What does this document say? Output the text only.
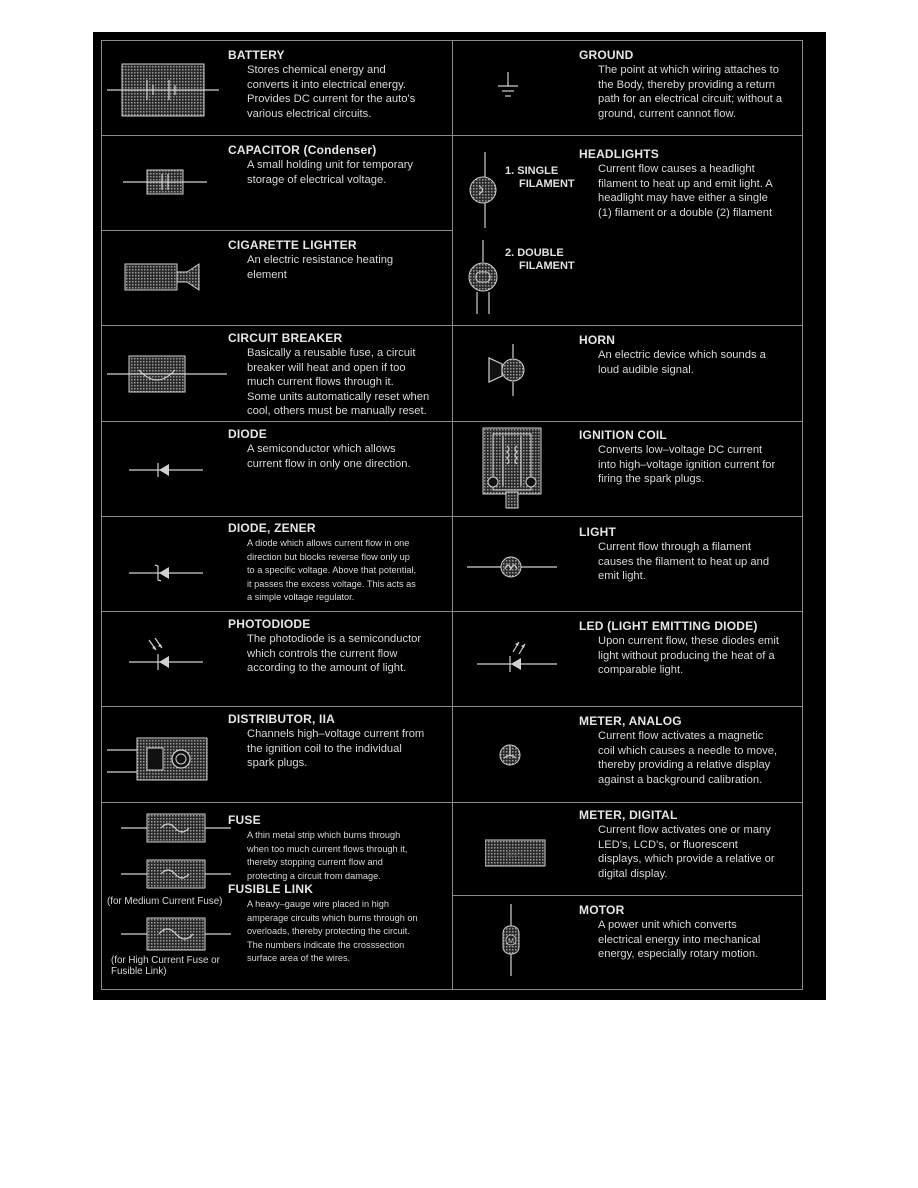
FUEL
M
BATTERY
Stores chemical energy and
converts it into electrical energy.
Provides DC current for the auto's
various electrical circuits.
CAPACITOR (Condenser)
A small holding unit for temporary
storage of electrical voltage.
CIGARETTE LIGHTER
An electric resistance heating
element
CIRCUIT BREAKER
Basically a reusable fuse, a circuit
breaker will heat and open if too
much current flows through it.
Some units automatically reset when
cool, others must be manually reset.
DIODE
A semiconductor which allows
current flow in only one direction.
DIODE, ZENER
A diode which allows current flow in one
direction but blocks reverse flow only up
to a specific voltage. Above that potential,
it passes the excess voltage. This acts as
a simple voltage regulator.
PHOTODIODE
The photodiode is a semiconductor
which controls the current flow
according to the amount of light.
DISTRIBUTOR, IIA
Channels high–voltage current from
the ignition coil to the individual
spark plugs.
FUSE
A thin metal strip which burns through
when too much current flows through it,
thereby stopping current flow and
protecting a circuit from damage.
FUSIBLE LINK
A heavy–gauge wire placed in high
amperage circuits which burns through on
overloads, thereby protecting the circuit.
The numbers indicate the crosssection
surface area of the wires.
(for Medium Current Fuse)
(for High Current Fuse or
Fusible Link)
GROUND
The point at which wiring attaches to
the Body, thereby providing a return
path for an electrical circuit; without a
ground, current cannot flow.
HEADLIGHTS
Current flow causes a headlight
filament to heat up and emit light. A
headlight may have either a single
(1) filament or a double (2) filament
1. SINGLE
FILAMENT
2. DOUBLE
FILAMENT
HORN
An electric device which sounds a
loud audible signal.
IGNITION COIL
Converts low–voltage DC current
into high–voltage ignition current for
firing the spark plugs.
LIGHT
Current flow through a filament
causes the filament to heat up and
emit light.
LED (LIGHT EMITTING DIODE)
Upon current flow, these diodes emit
light without producing the heat of a
comparable light.
METER, ANALOG
Current flow activates a magnetic
coil which causes a needle to move,
thereby providing a relative display
against a background calibration.
METER, DIGITAL
Current flow activates one or many
LED's, LCD's, or fluorescent
displays, which provide a relative or
digital display.
MOTOR
A power unit which converts
electrical energy into mechanical
energy, especially rotary motion.
